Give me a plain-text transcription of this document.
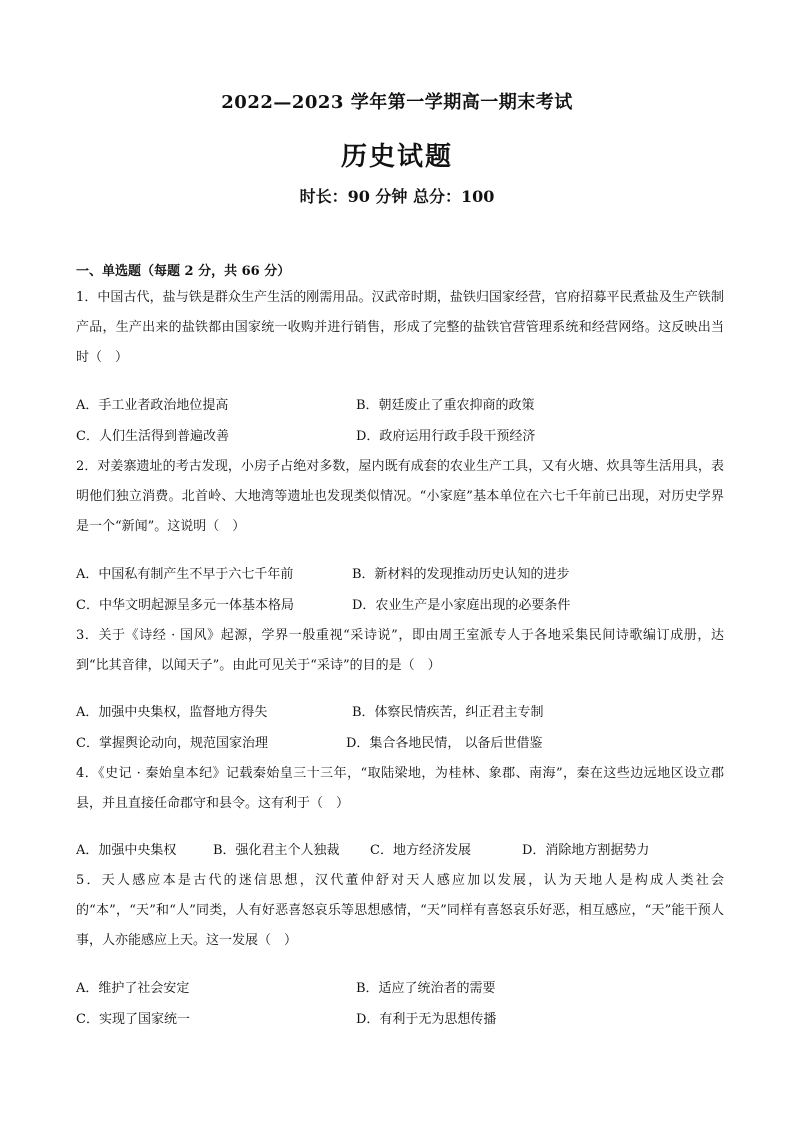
2022—2023 学年第一学期高一期末考试
历史试题
时长：90 分钟 总分：100
一、单选题（每题 2 分，共 66 分）
1．中国古代，盐与铁是群众生产生活的刚需用品。汉武帝时期，盐铁归国家经营，官府招募平民煮盐及生产铁制产品，生产出来的盐铁都由国家统一收购并进行销售，形成了完整的盐铁官营管理系统和经营网络。这反映出当时（　）
A．手工业者政治地位提高	B．朝廷废止了重农抑商的政策
C．人们生活得到普遍改善	D．政府运用行政手段干预经济
2．对姜寨遗址的考古发现，小房子占绝对多数，屋内既有成套的农业生产工具，又有火塘、炊具等生活用具，表明他们独立消费。北首岭、大地湾等遗址也发现类似情况。“小家庭”基本单位在六七千年前已出现，对历史学界是一个“新闻”。这说明（　）
A．中国私有制产生不早于六七千年前	B．新材料的发现推动历史认知的进步
C．中华文明起源呈多元一体基本格局	D．农业生产是小家庭出现的必要条件
3．关于《诗经 · 国风》起源，学界一般重视“采诗说”，即由周王室派专人于各地采集民间诗歌编订成册，达到“比其音律，以闻天子”。由此可见关于“采诗”的目的是（　）
A．加强中央集权，监督地方得失	B．体察民情疾苦，纠正君主专制
C．掌握舆论动向，规范国家治理	D．集合各地民情， 以备后世借鉴
4．《史记 · 秦始皇本纪》记载秦始皇三十三年，“取陆梁地，为桂林、象郡、南海”，秦在这些边远地区设立郡县，并且直接任命郡守和县令。这有利于（　）
A．加强中央集权	B．强化君主个人独裁 C．地方经济发展	D．消除地方割据势力
5．天人感应本是古代的迷信思想，汉代董仲舒对天人感应加以发展，认为天地人是构成人类社会的“本”，“天”和“人”同类，人有好恶喜怒哀乐等思想感情，“天”同样有喜怒哀乐好恶，相互感应，“天”能干预人事，人亦能感应上天。这一发展（　）
A．维护了社会安定	B．适应了统治者的需要
C．实现了国家统一	D．有利于无为思想传播
